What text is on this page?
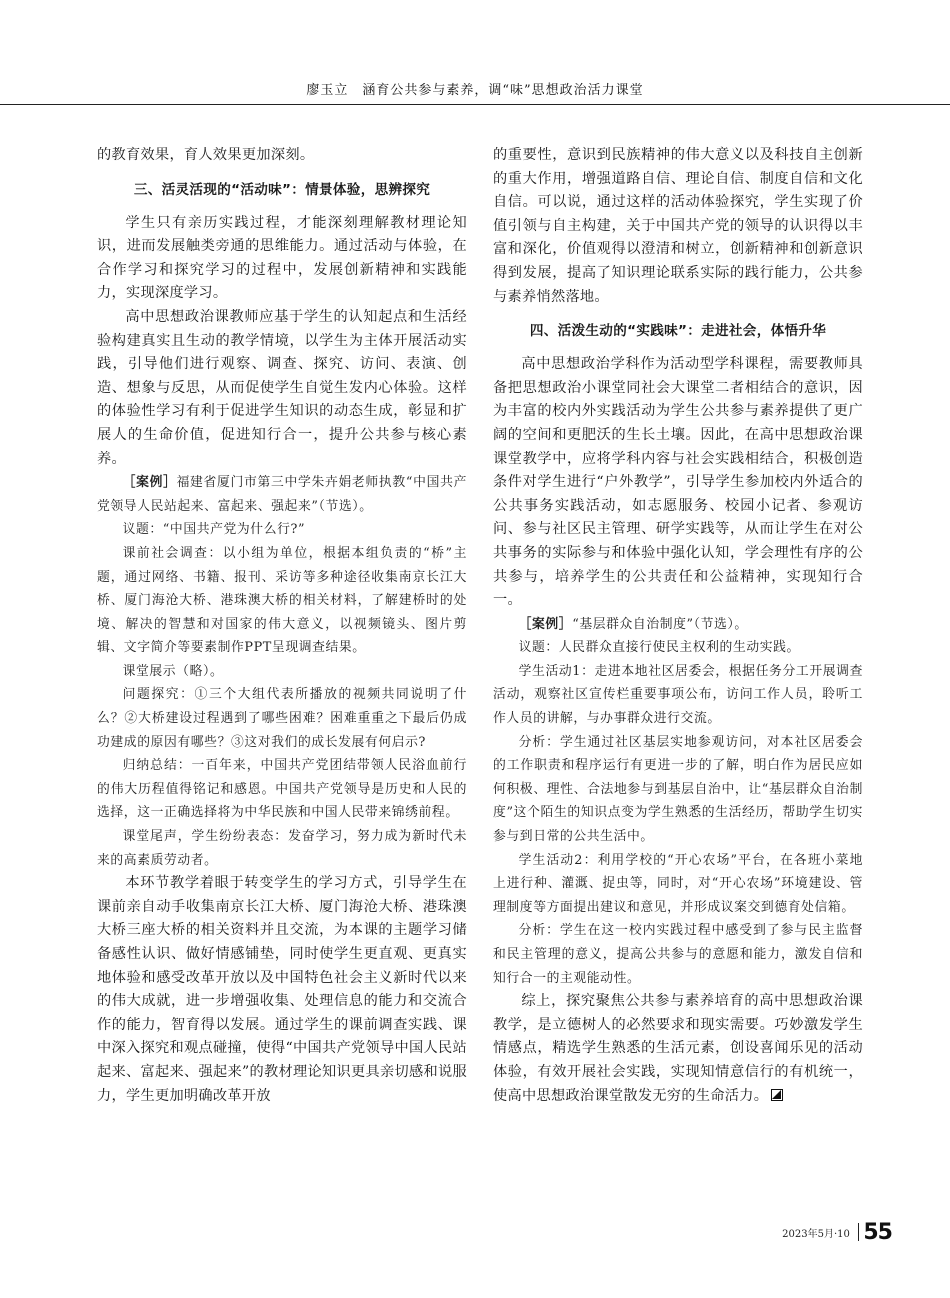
廖玉立　涵育公共参与素养，调“味”思想政治活力课堂

的教育效果，育人效果更加深刻。

三、活灵活现的“活动味”：情景体验，思辨探究

学生只有亲历实践过程，才能深刻理解教材理论知识，进而发展触类旁通的思维能力。通过活动与体验，在合作学习和探究学习的过程中，发展创新精神和实践能力，实现深度学习。

高中思想政治课教师应基于学生的认知起点和生活经验构建真实且生动的教学情境，以学生为主体开展活动实践，引导他们进行观察、调查、探究、访问、表演、创造、想象与反思，从而促使学生自觉生发内心体验。这样的体验性学习有利于促进学生知识的动态生成，彰显和扩展人的生命价值，促进知行合一，提升公共参与核心素养。

［案例］福建省厦门市第三中学朱卉娟老师执教“中国共产党领导人民站起来、富起来、强起来”（节选）。

议题：“中国共产党为什么行?”

课前社会调查：以小组为单位，根据本组负责的“桥”主题，通过网络、书籍、报刊、采访等多种途径收集南京长江大桥、厦门海沧大桥、港珠澳大桥的相关材料，了解建桥时的处境、解决的智慧和对国家的伟大意义，以视频镜头、图片剪辑、文字简介等要素制作PPT呈现调查结果。

课堂展示（略）。

问题探究：①三个大组代表所播放的视频共同说明了什么？②大桥建设过程遇到了哪些困难？困难重重之下最后仍成功建成的原因有哪些？③这对我们的成长发展有何启示?

归纳总结：一百年来，中国共产党团结带领人民浴血前行的伟大历程值得铭记和感恩。中国共产党领导是历史和人民的选择，这一正确选择将为中华民族和中国人民带来锦绣前程。

课堂尾声，学生纷纷表态：发奋学习，努力成为新时代未来的高素质劳动者。

本环节教学着眼于转变学生的学习方式，引导学生在课前亲自动手收集南京长江大桥、厦门海沧大桥、港珠澳大桥三座大桥的相关资料并且交流，为本课的主题学习储备感性认识、做好情感铺垫，同时使学生更直观、更真实地体验和感受改革开放以及中国特色社会主义新时代以来的伟大成就，进一步增强收集、处理信息的能力和交流合作的能力，智育得以发展。通过学生的课前调查实践、课中深入探究和观点碰撞，使得“中国共产党领导中国人民站起来、富起来、强起来”的教材理论知识更具亲切感和说服力，学生更加明确改革开放

的重要性，意识到民族精神的伟大意义以及科技自主创新的重大作用，增强道路自信、理论自信、制度自信和文化自信。可以说，通过这样的活动体验探究，学生实现了价值引领与自主构建，关于中国共产党的领导的认识得以丰富和深化，价值观得以澄清和树立，创新精神和创新意识得到发展，提高了知识理论联系实际的践行能力，公共参与素养悄然落地。

四、活泼生动的“实践味”：走进社会，体悟升华

高中思想政治学科作为活动型学科课程，需要教师具备把思想政治小课堂同社会大课堂二者相结合的意识，因为丰富的校内外实践活动为学生公共参与素养提供了更广阔的空间和更肥沃的生长土壤。因此，在高中思想政治课课堂教学中，应将学科内容与社会实践相结合，积极创造条件对学生进行“户外教学”，引导学生参加校内外适合的公共事务实践活动，如志愿服务、校园小记者、参观访问、参与社区民主管理、研学实践等，从而让学生在对公共事务的实际参与和体验中强化认知，学会理性有序的公共参与，培养学生的公共责任和公益精神，实现知行合一。

［案例］“基层群众自治制度”（节选）。

议题：人民群众直接行使民主权利的生动实践。

学生活动1：走进本地社区居委会，根据任务分工开展调查活动，观察社区宣传栏重要事项公布，访问工作人员，聆听工作人员的讲解，与办事群众进行交流。

分析：学生通过社区基层实地参观访问，对本社区居委会的工作职责和程序运行有更进一步的了解，明白作为居民应如何积极、理性、合法地参与到基层自治中，让“基层群众自治制度”这个陌生的知识点变为学生熟悉的生活经历，帮助学生切实参与到日常的公共生活中。

学生活动2：利用学校的“开心农场”平台，在各班小菜地上进行种、灌溉、捉虫等，同时，对“开心农场”环境建设、管理制度等方面提出建议和意见，并形成议案交到德育处信箱。

分析：学生在这一校内实践过程中感受到了参与民主监督和民主管理的意义，提高公共参与的意愿和能力，激发自信和知行合一的主观能动性。

综上，探究聚焦公共参与素养培育的高中思想政治课教学，是立德树人的必然要求和现实需要。巧妙激发学生情感点，精选学生熟悉的生活元素，创设喜闻乐见的活动体验，有效开展社会实践，实现知情意信行的有机统一，使高中思想政治课堂散发无穷的生命活力。

2023年5月·10 55
